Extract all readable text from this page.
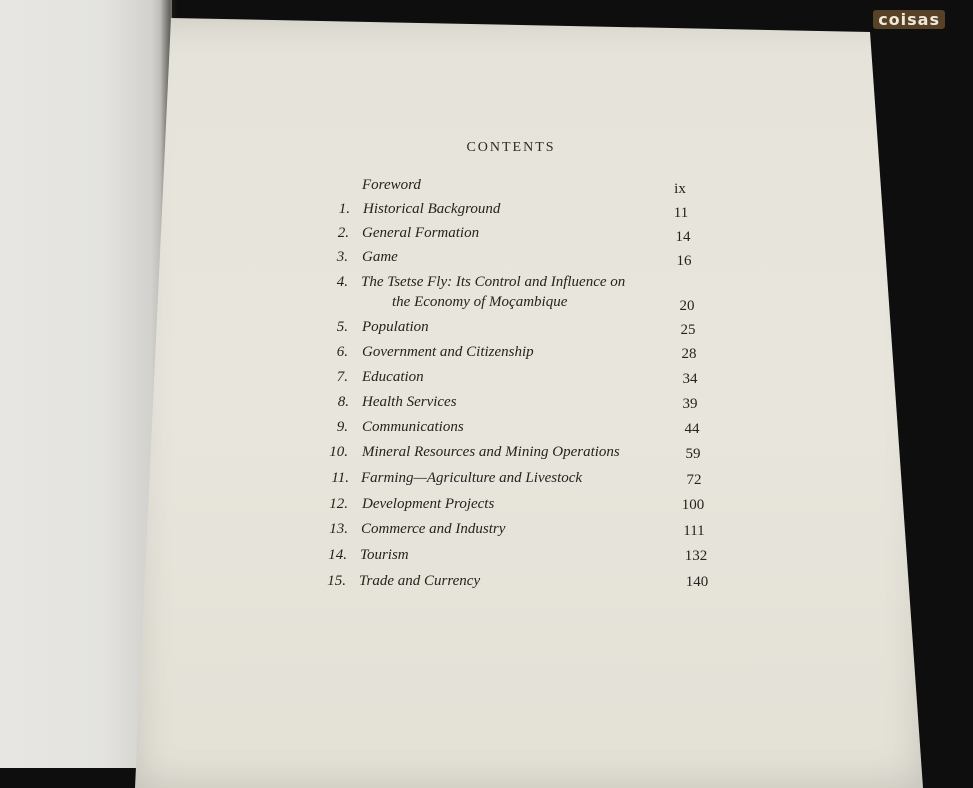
coisas
CONTENTS
Foreword	ix
1. Historical Background	11
2. General Formation	14
3. Game	16
4. The Tsetse Fly: Its Control and Influence on
the Economy of Moçambique	20
5. Population	25
6. Government and Citizenship	28
7. Education	34
8. Health Services	39
9. Communications	44
10. Mineral Resources and Mining Operations	59
11. Farming—Agriculture and Livestock	72
12. Development Projects	100
13. Commerce and Industry	111
14. Tourism	132
15. Trade and Currency	140
